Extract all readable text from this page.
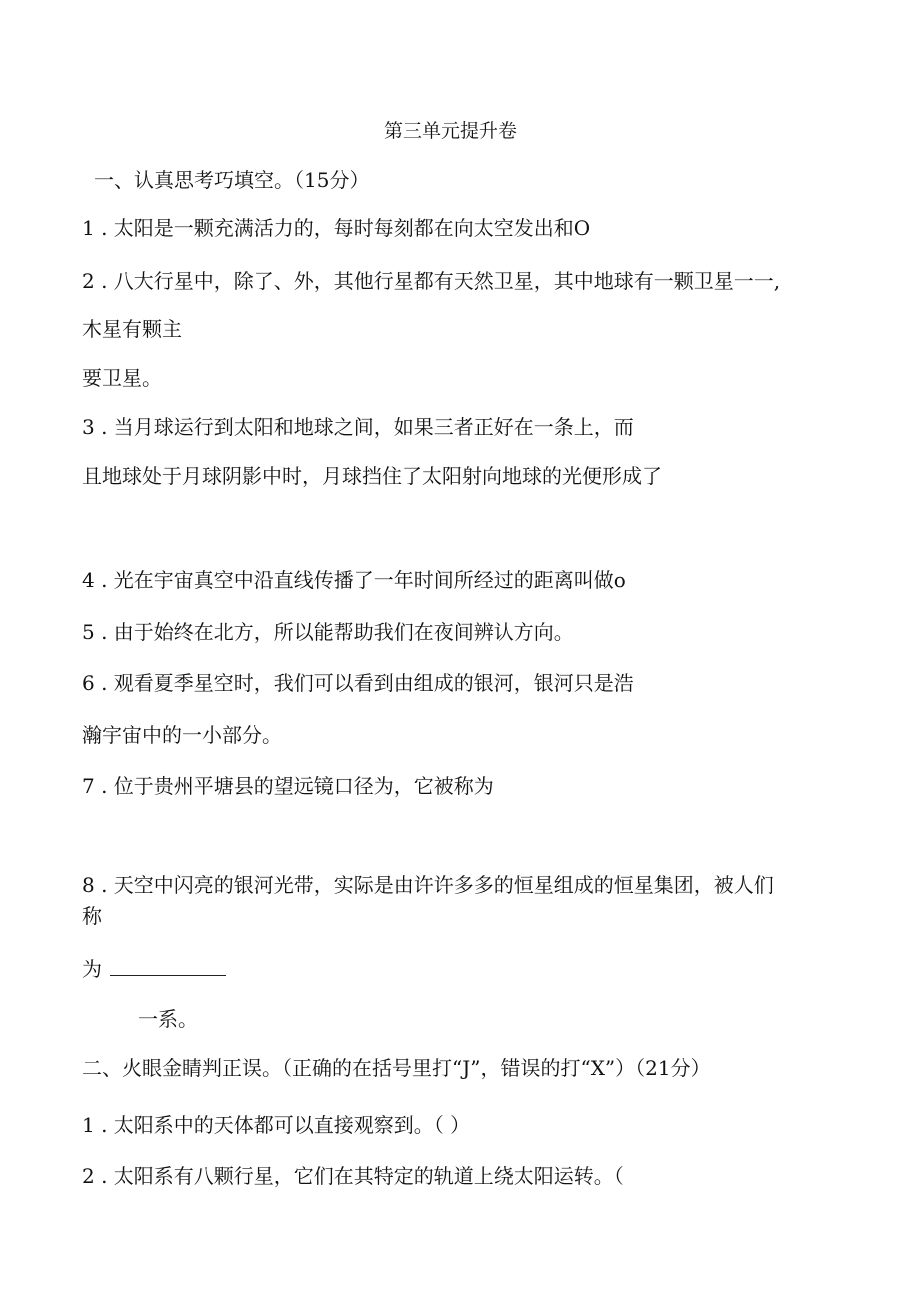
第三单元提升卷
一、认真思考巧填空。（15分）
1 . 太阳是一颗充满活力的，每时每刻都在向太空发出和O
2 . 八大行星中，除了、外，其他行星都有天然卫星，其中地球有一颗卫星一一,
木星有颗主
要卫星。
3 . 当月球运行到太阳和地球之间，如果三者正好在一条上，而
且地球处于月球阴影中时，月球挡住了太阳射向地球的光便形成了
4 . 光在宇宙真空中沿直线传播了一年时间所经过的距离叫做o
5 . 由于始终在北方，所以能帮助我们在夜间辨认方向。
6 . 观看夏季星空时，我们可以看到由组成的银河，银河只是浩
瀚宇宙中的一小部分。
7 . 位于贵州平塘县的望远镜口径为，它被称为
8 . 天空中闪亮的银河光带，实际是由许许多多的恒星组成的恒星集团，被人们
称
为
一系。
二、火眼金睛判正误。（正确的在括号里打“J”，错误的打“X”）（21分）
1 . 太阳系中的天体都可以直接观察到。（ ）
2 . 太阳系有八颗行星，它们在其特定的轨道上绕太阳运转。（
